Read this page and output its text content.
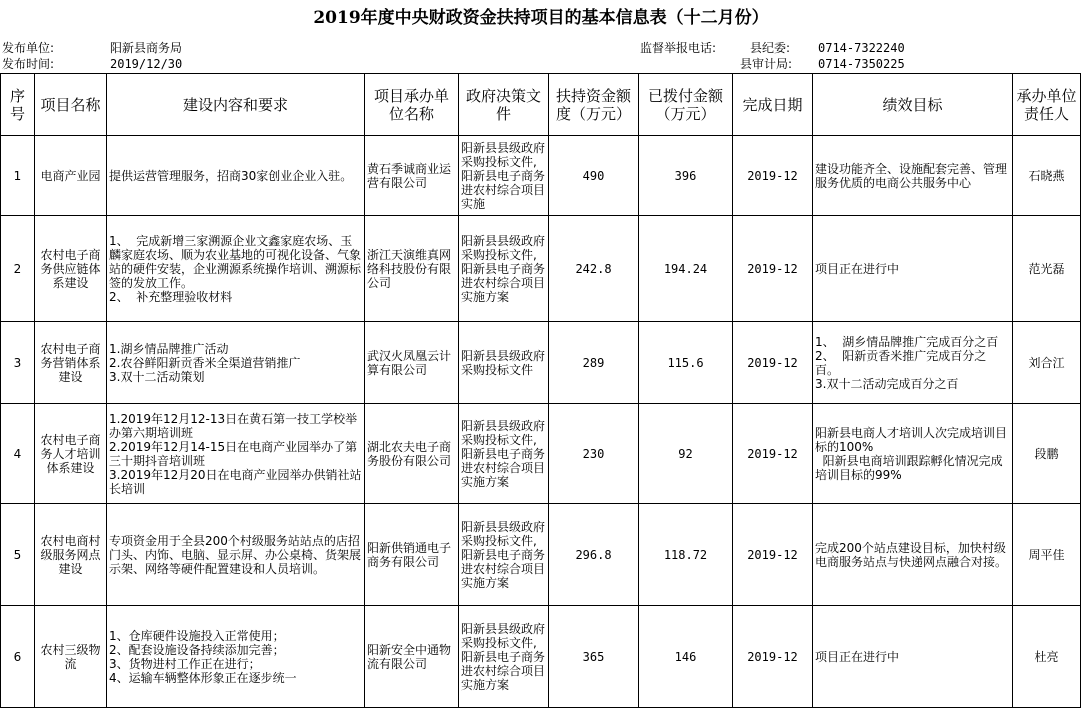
2019年度中央财政资金扶持项目的基本信息表（十二月份）
发布单位:	阳新县商务局
发布时间:	2019/12/30
监督举报电话:	县纪委: 0714-7322240
县审计局: 0714-7350225
序号	项目名称	建设内容和要求	项目承办单位名称	政府决策文件	扶持资金额度（万元）	已拨付金额（万元）	完成日期	绩效目标	承办单位责任人

1	电商产业园	提供运营管理服务，招商30家创业企业入驻。	黄石季诚商业运营有限公司	阳新县县级政府采购投标文件,阳新县电子商务进农村综合项目实施	490	396	2019-12	建设功能齐全、设施配套完善、管理服务优质的电商公共服务中心	石晓燕

2	农村电子商务供应链体系建设	1、  完成新增三家溯源企业文鑫家庭农场、玉麟家庭农场、顺为农业基地的可视化设备、气象站的硬件安装，企业溯源系统操作培训、溯源标签的发放工作。
2、  补充整理验收材料	浙江天演维真网络科技股份有限公司	阳新县县级政府采购投标文件,阳新县电子商务进农村综合项目实施方案	242.8	194.24	2019-12	项目正在进行中	范光磊

3	农村电子商务营销体系建设	1.湖乡情品牌推广活动
2.农谷鲜阳新贡香米全渠道营销推广
3.双十二活动策划	武汉火凤凰云计算有限公司	阳新县县级政府采购投标文件	289	115.6	2019-12	1、  湖乡情品牌推广完成百分之百
2、  阳新贡香米推广完成百分之百。
3.双十二活动完成百分之百	刘合江

4	农村电子商务人才培训体系建设	1.2019年12月12-13日在黄石第一技工学校举办第六期培训班
2.2019年12月14-15日在电商产业园举办了第三十期抖音培训班
3.2019年12月20日在电商产业园举办供销社站长培训	湖北农夫电子商务股份有限公司	阳新县县级政府采购投标文件,阳新县电子商务进农村综合项目实施方案	230	92	2019-12	阳新县电商人才培训人次完成培训目标的100%
阳新县电商培训跟踪孵化情况完成培训目标的99%	段鹏

5	农村电商村级服务网点建设	专项资金用于全县200个村级服务站站点的店招门头、内饰、电脑、显示屏、办公桌椅、货架展示架、网络等硬件配置建设和人员培训。	阳新供销通电子商务有限公司	阳新县县级政府采购投标文件,阳新县电子商务进农村综合项目实施方案	296.8	118.72	2019-12	完成200个站点建设目标，加快村级电商服务站点与快递网点融合对接。	周平佳

6	农村三级物流	1、仓库硬件设施投入正常使用；
2、配套设施设备持续添加完善；
3、货物进村工作正在进行；
4、运输车辆整体形象正在逐步统一	阳新安全中通物流有限公司	阳新县县级政府采购投标文件,阳新县电子商务进农村综合项目实施方案	365	146	2019-12	项目正在进行中	杜亮
